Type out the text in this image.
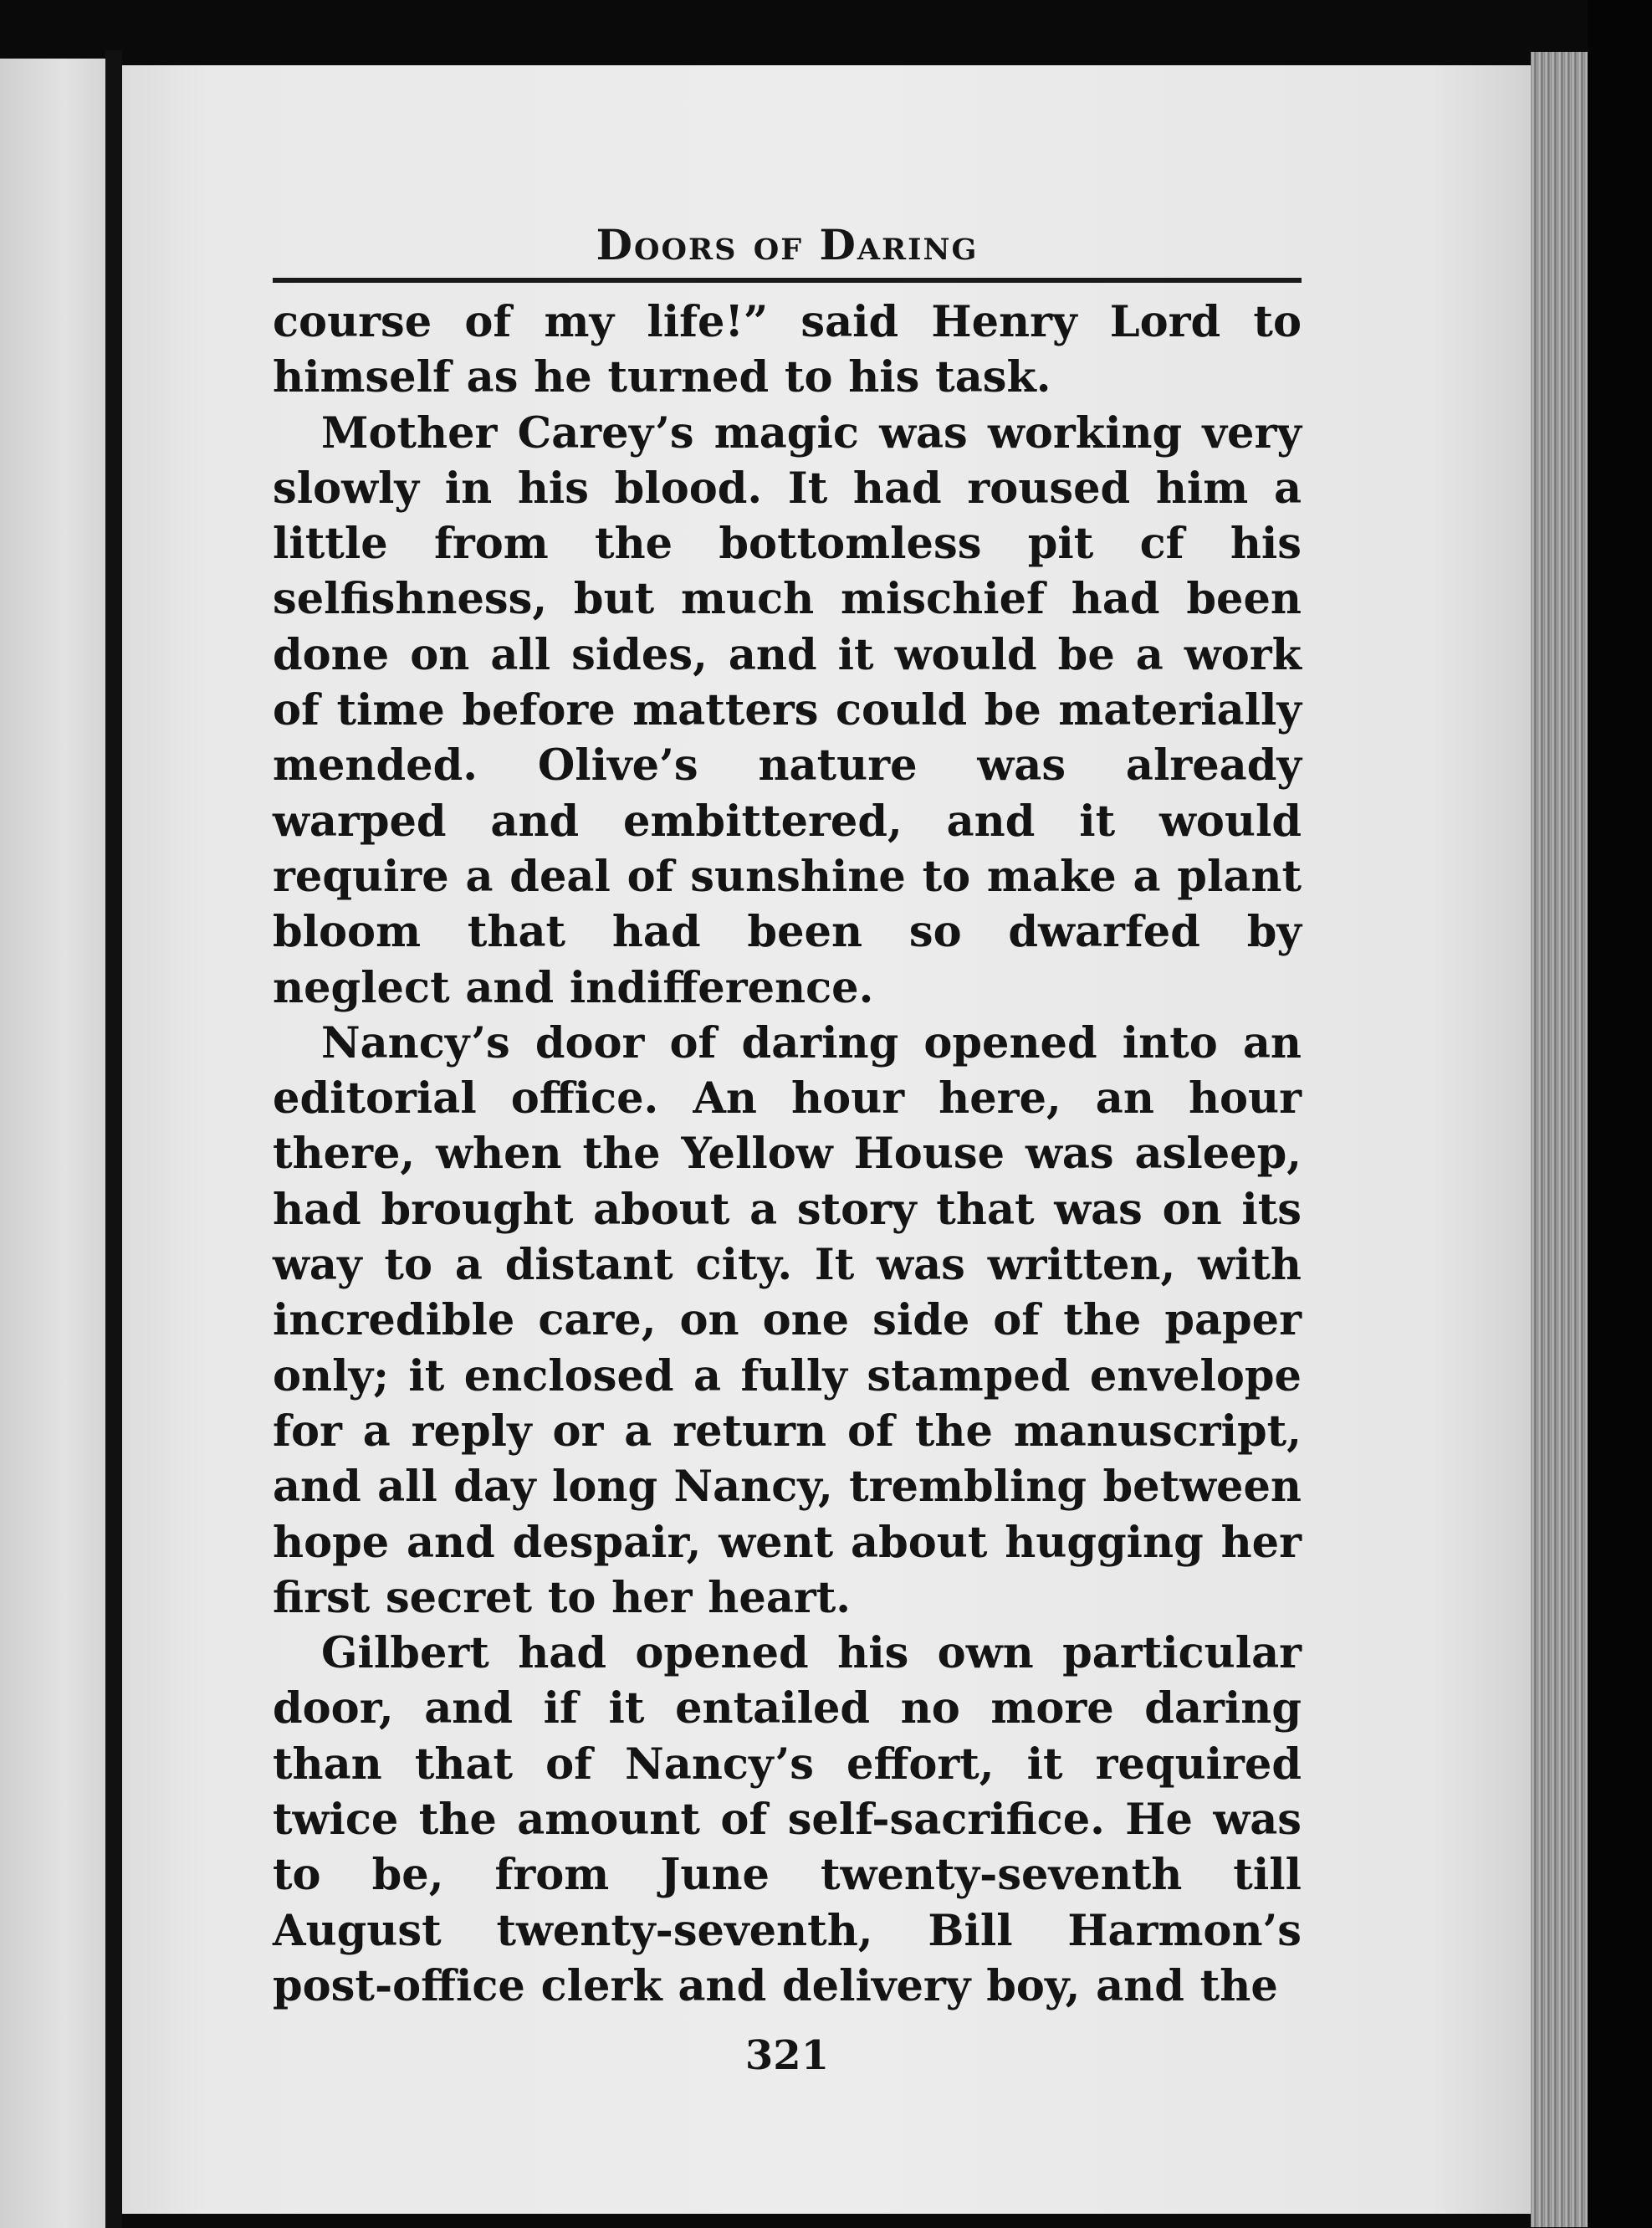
Doors of Daring

course of my life!” said Henry Lord to himself as he turned to his task.

Mother Carey’s magic was working very slowly in his blood. It had roused him a little from the bottomless pit cf his selfishness, but much mischief had been done on all sides, and it would be a work of time before matters could be materially mended. Olive’s nature was already warped and embittered, and it would require a deal of sunshine to make a plant bloom that had been so dwarfed by neglect and indifference.

Nancy’s door of daring opened into an editorial office. An hour here, an hour there, when the Yellow House was asleep, had brought about a story that was on its way to a distant city. It was written, with incredible care, on one side of the paper only; it enclosed a fully stamped envelope for a reply or a return of the manuscript, and all day long Nancy, trembling between hope and despair, went about hugging her first secret to her heart.

Gilbert had opened his own particular door, and if it entailed no more daring than that of Nancy’s effort, it required twice the amount of self-sacrifice. He was to be, from June twenty-seventh till August twenty-seventh, Bill Harmon’s post-office clerk and delivery boy, and the

321
